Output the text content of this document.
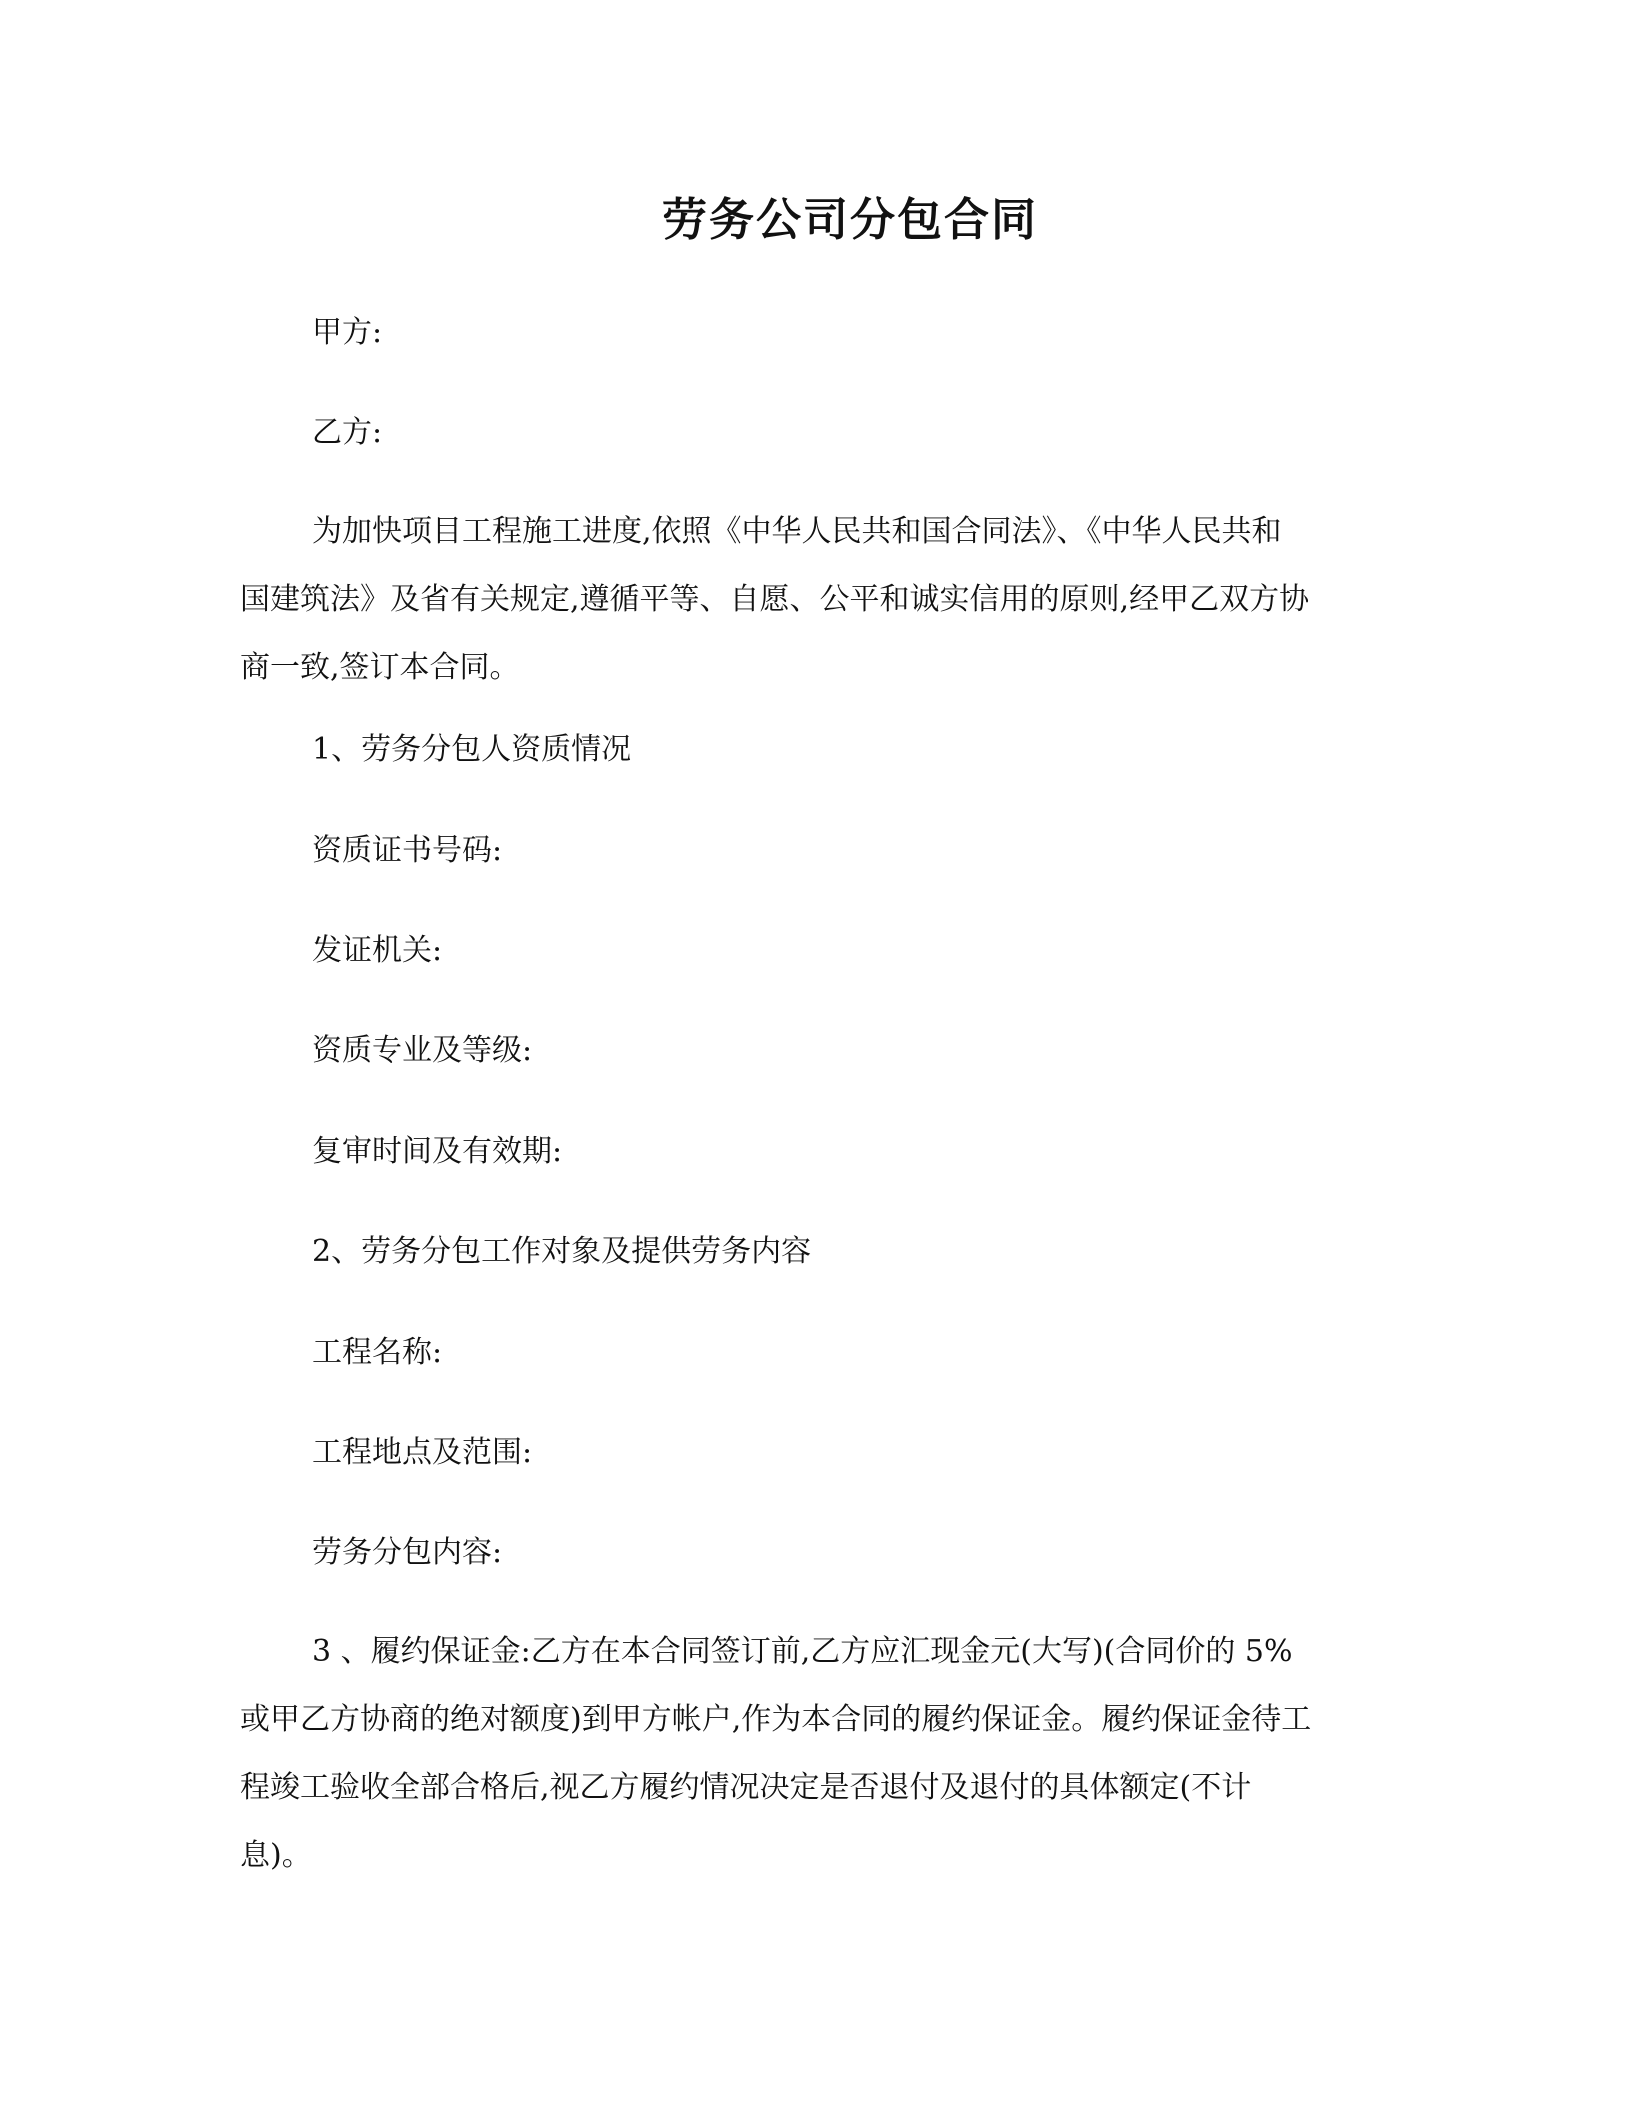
劳务公司分包合同
甲方:
乙方:
为加快项目工程施工进度,依照《中华人民共和国合同法》、《中华人民共和
国建筑法》及省有关规定,遵循平等、自愿、公平和诚实信用的原则,经甲乙双方协
商一致,签订本合同。
1、劳务分包人资质情况
资质证书号码:
发证机关:
资质专业及等级:
复审时间及有效期:
2、劳务分包工作对象及提供劳务内容
工程名称:
工程地点及范围:
劳务分包内容:
3 、履约保证金:乙方在本合同签订前,乙方应汇现金元(大写)(合同价的 5%
或甲乙方协商的绝对额度)到甲方帐户,作为本合同的履约保证金。履约保证金待工
程竣工验收全部合格后,视乙方履约情况决定是否退付及退付的具体额定(不计
息)。
